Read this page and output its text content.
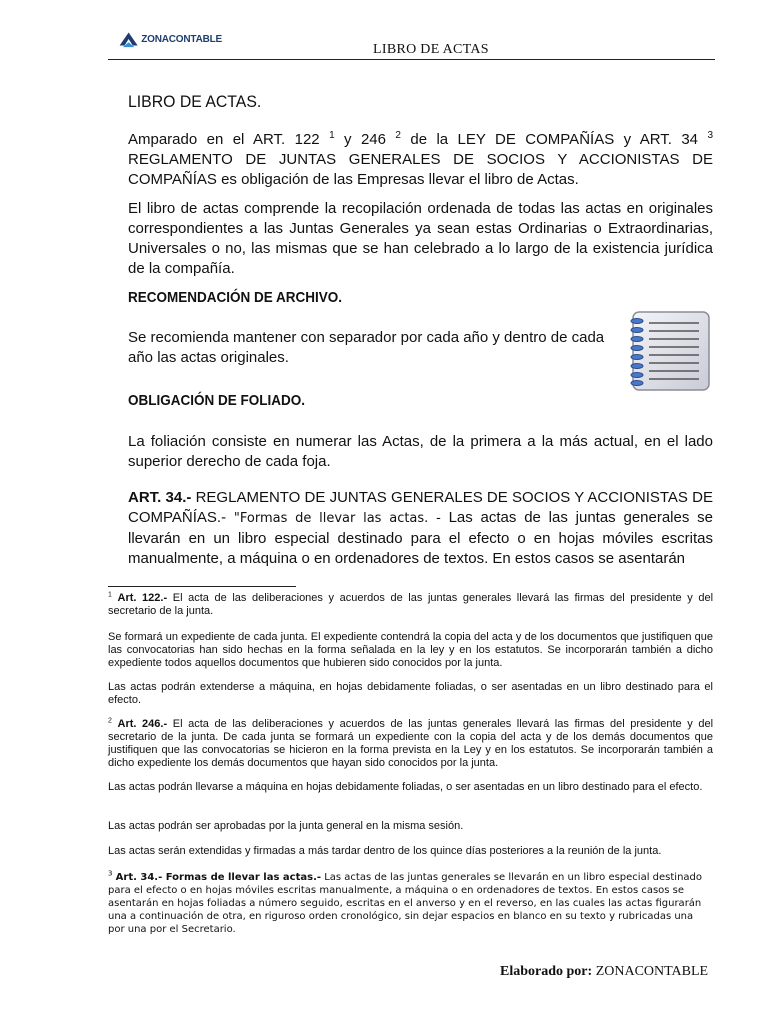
ZONACONTABLE
LIBRO DE ACTAS
LIBRO DE ACTAS.
Amparado en el ART. 122 $^1$ y 246 $^2$ de la LEY DE COMPAÑÍAS y ART. 34 $^3$ REGLAMENTO DE JUNTAS GENERALES DE SOCIOS Y ACCIONISTAS DE COMPAÑÍAS es obligación de las Empresas llevar el libro de Actas.
El libro de actas comprende la recopilación ordenada de todas las actas en originales correspondientes a las Juntas Generales ya sean estas Ordinarias o Extraordinarias, Universales o no, las mismas que se han celebrado a lo largo de la existencia jurídica de la compañía.
RECOMENDACIÓN DE ARCHIVO.
Se recomienda mantener con separador por cada año y dentro de cada año las actas originales.
OBLIGACIÓN DE FOLIADO.
La foliación consiste en numerar las Actas, de la primera a la más actual, en el lado superior derecho de cada foja.
ART. 34.- REGLAMENTO DE JUNTAS GENERALES DE SOCIOS Y ACCIONISTAS DE COMPAÑÍAS.- "Formas de llevar las actas. - Las actas de las juntas generales se llevarán en un libro especial destinado para el efecto o en hojas móviles escritas manualmente, a máquina o en ordenadores de textos. En estos casos se asentarán
$^1$ Art. 122.- El acta de las deliberaciones y acuerdos de las juntas generales llevará las firmas del presidente y del secretario de la junta.
Se formará un expediente de cada junta. El expediente contendrá la copia del acta y de los documentos que justifiquen que las convocatorias han sido hechas en la forma señalada en la ley y en los estatutos. Se incorporarán también a dicho expediente todos aquellos documentos que hubieren sido conocidos por la junta.
Las actas podrán extenderse a máquina, en hojas debidamente foliadas, o ser asentadas en un libro destinado para el efecto.
$^2$ Art. 246.- El acta de las deliberaciones y acuerdos de las juntas generales llevará las firmas del presidente y del secretario de la junta. De cada junta se formará un expediente con la copia del acta y de los demás documentos que justifiquen que las convocatorias se hicieron en la forma prevista en la Ley y en los estatutos. Se incorporarán también a dicho expediente los demás documentos que hayan sido conocidos por la junta.
Las actas podrán llevarse a máquina en hojas debidamente foliadas, o ser asentadas en un libro destinado para el efecto.
Las actas podrán ser aprobadas por la junta general en la misma sesión.
Las actas serán extendidas y firmadas a más tardar dentro de los quince días posteriores a la reunión de la junta.
$^3$ Art. 34.- Formas de llevar las actas.- Las actas de las juntas generales se llevarán en un libro especial destinado para el efecto o en hojas móviles escritas manualmente, a máquina o en ordenadores de textos. En estos casos se asentarán en hojas foliadas a número seguido, escritas en el anverso y en el reverso, en las cuales las actas figurarán una a continuación de otra, en riguroso orden cronológico, sin dejar espacios en blanco en su texto y rubricadas una por una por el Secretario.
Elaborado por: ZONACONTABLE
